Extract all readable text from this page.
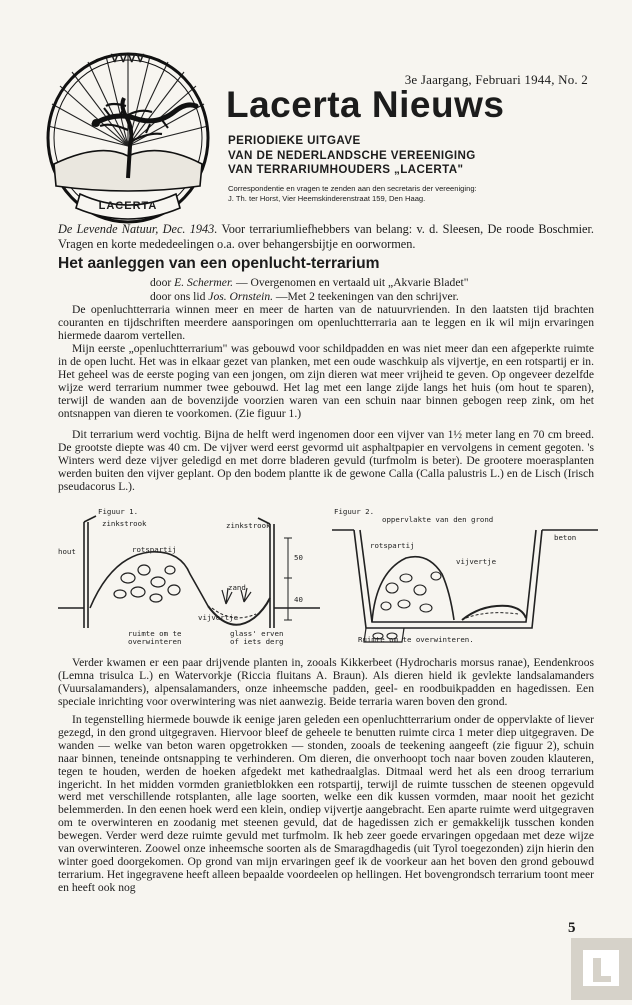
ᐯᐯᐯᐯ
LACERTA
3e Jaargang, Februari 1944, No. 2
Lacerta Nieuws
PERIODIEKE UITGAVE
VAN DE NEDERLANDSCHE VEREENIGING
VAN TERRARIUMHOUDERS „LACERTA"
Correspondentie en vragen te zenden aan den secretaris der vereeniging:
J. Th. ter Horst, Vier Heemskinderenstraat 159, Den Haag.
De Levende Natuur, Dec. 1943. Voor terrariumliefhebbers van belang: v. d. Sleesen, De roode Boschmier. Vragen en korte mededeelingen o.a. over behangersbijtje en oorwormen.
Het aanleggen van een openlucht-terrarium
door E. Schermer. — Overgenomen en vertaald uit „Akvarie Bladet"
door ons lid Jos. Ornstein. —Met 2 teekeningen van den schrijver.

De openluchtterraria winnen meer en meer de harten van de natuurvrienden. In den laatsten tijd brachten couranten en tijdschriften meerdere aansporingen om openluchtterraria aan te leggen en ik wil mijn ervaringen hiermede daarom vertellen.

Mijn eerste „openluchtterrarium" was gebouwd voor schildpadden en was niet meer dan een afgeperkte ruimte in de open lucht. Het was in elkaar gezet van planken, met een oude waschkuip als vijvertje, en een rotspartij er in. Het geheel was de eerste poging van een jongen, om zijn dieren wat meer vrijheid te geven. Op ongeveer dezelfde wijze werd terrarium nummer twee gebouwd. Het lag met een lange zijde langs het huis (om hout te sparen), terwijl de wanden aan de bovenzijde voorzien waren van een schuin naar binnen gebogen reep zink, om het ontsnappen van dieren te voorkomen. (Zie figuur 1.)

Dit terrarium werd vochtig. Bijna de helft werd ingenomen door een vijver van 1½ meter lang en 70 cm breed. De grootste diepte was 40 cm. De vijver werd eerst gevormd uit asphaltpapier en vervolgens in cement gegoten. 's Winters werd deze vijver geledigd en met dorre bladeren gevuld (turfmolm is beter). De grootere moerasplanten werden buiten den vijver geplant. Op den bodem plantte ik de gewone Calla (Calla palustris L.) en de Lisch (Irisch pseudacorus L.).

Figuur 1.
zinkstrook	zinkstrook
hout	rotspartij
zand
vijvertje
50
40
ruimte om te overwinteren
glass' erven of iets derg
Figuur 2.
oppervlakte van den grond
rotspartij
beton
vijvertje
Ruimte om te overwinteren.

Verder kwamen er een paar drijvende planten in, zooals Kikkerbeet (Hydrocharis morsus ranae), Eendenkroos (Lemna trisulca L.) en Watervorkje (Riccia fluitans A. Braun). Als dieren hield ik gevlekte landsalamanders (Vuursalamanders), alpensalamanders, onze inheemsche padden, geel- en roodbuikpadden en hagedissen. Een speciale inrichting voor overwintering was niet aanwezig. Beide terraria waren boven den grond.

In tegenstelling hiermede bouwde ik eenige jaren geleden een openluchtterrarium onder de oppervlakte of liever gezegd, in den grond uitgegraven. Hiervoor bleef de geheele te benutten ruimte circa 1 meter diep uitgegraven. De wanden — welke van beton waren opgetrokken — stonden, zooals de teekening aangeeft (zie figuur 2), schuin naar binnen, teneinde ontsnapping te verhinderen. Om dieren, die onverhoopt toch naar boven zouden klauteren, tegen te houden, werden de hoeken afgedekt met kathedraalglas. Ditmaal werd het als een droog terrarium ingericht. In het midden vormden granietblokken een rotspartij, terwijl de ruimte tusschen de steenen opgevuld werd met verschillende rotsplanten, alle lage soorten, welke een dik kussen vormden, maar nooit het gezicht belemmerden. In den eenen hoek werd een klein, ondiep vijvertje aangebracht. Een aparte ruimte werd uitgegraven om te overwinteren en zoodanig met steenen gevuld, dat de hagedissen zich er gemakkelijk tusschen konden bewegen. Verder werd deze ruimte gevuld met turfmolm. Ik heb zeer goede ervaringen opgedaan met deze wijze van overwinteren. Zoowel onze inheemsche soorten als de Smaragdhagedis (uit Tyrol toegezonden) zijn hierin den winter goed doorgekomen. Op grond van mijn ervaringen geef ik de voorkeur aan het boven den grond gebouwd terrarium. Het ingegravene heeft alleen bepaalde voordeelen op hellingen. Het bovengrondsch terrarium toont meer en heeft ook nog

5
